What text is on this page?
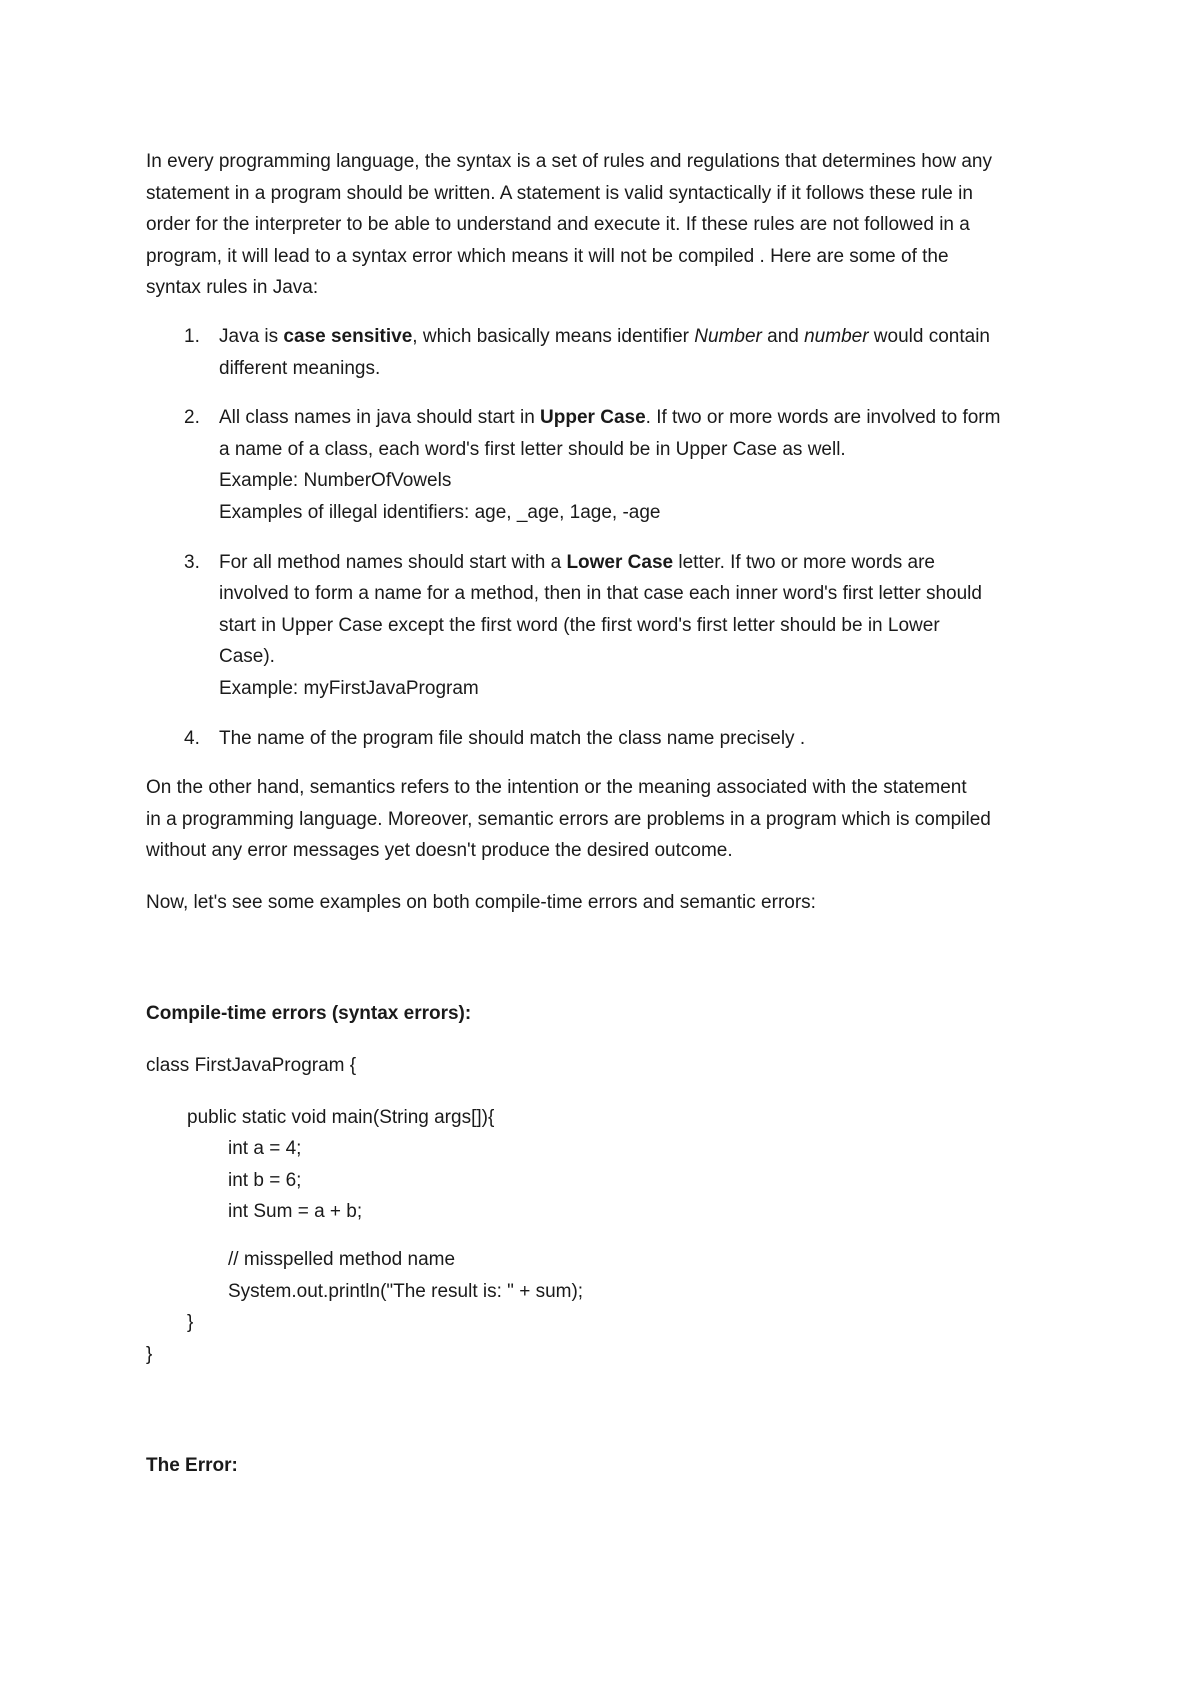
In every programming language, the syntax is a set of rules and regulations that determines how any
statement in a program should be written. A statement is valid syntactically if it follows these rule in
order for the interpreter to be able to understand and execute it. If these rules are not followed in a
program, it will lead to a syntax error which means it will not be compiled . Here are some of the
syntax rules in Java:
1. Java is case sensitive, which basically means identifier Number and number would contain
different meanings.
2. All class names in java should start in Upper Case. If two or more words are involved to form
a name of a class, each word's first letter should be in Upper Case as well.
Example: NumberOfVowels
Examples of illegal identifiers: age, _age, 1age, -age
3. For all method names should start with a Lower Case letter. If two or more words are
involved to form a name for a method, then in that case each inner word's first letter should
start in Upper Case except the first word (the first word's first letter should be in Lower
Case).
Example: myFirstJavaProgram
4. The name of the program file should match the class name precisely .
On the other hand, semantics refers to the intention or the meaning associated with the statement
in a programming language. Moreover, semantic errors are problems in a program which is compiled
without any error messages yet doesn't produce the desired outcome.

Now, let's see some examples on both compile-time errors and semantic errors:

Compile-time errors (syntax errors):

class FirstJavaProgram {
public static void main(String args[]){
int a = 4;
int b = 6;
int Sum = a + b;
// misspelled method name
System.out.println("The result is: " + sum);
}
}

The Error:
